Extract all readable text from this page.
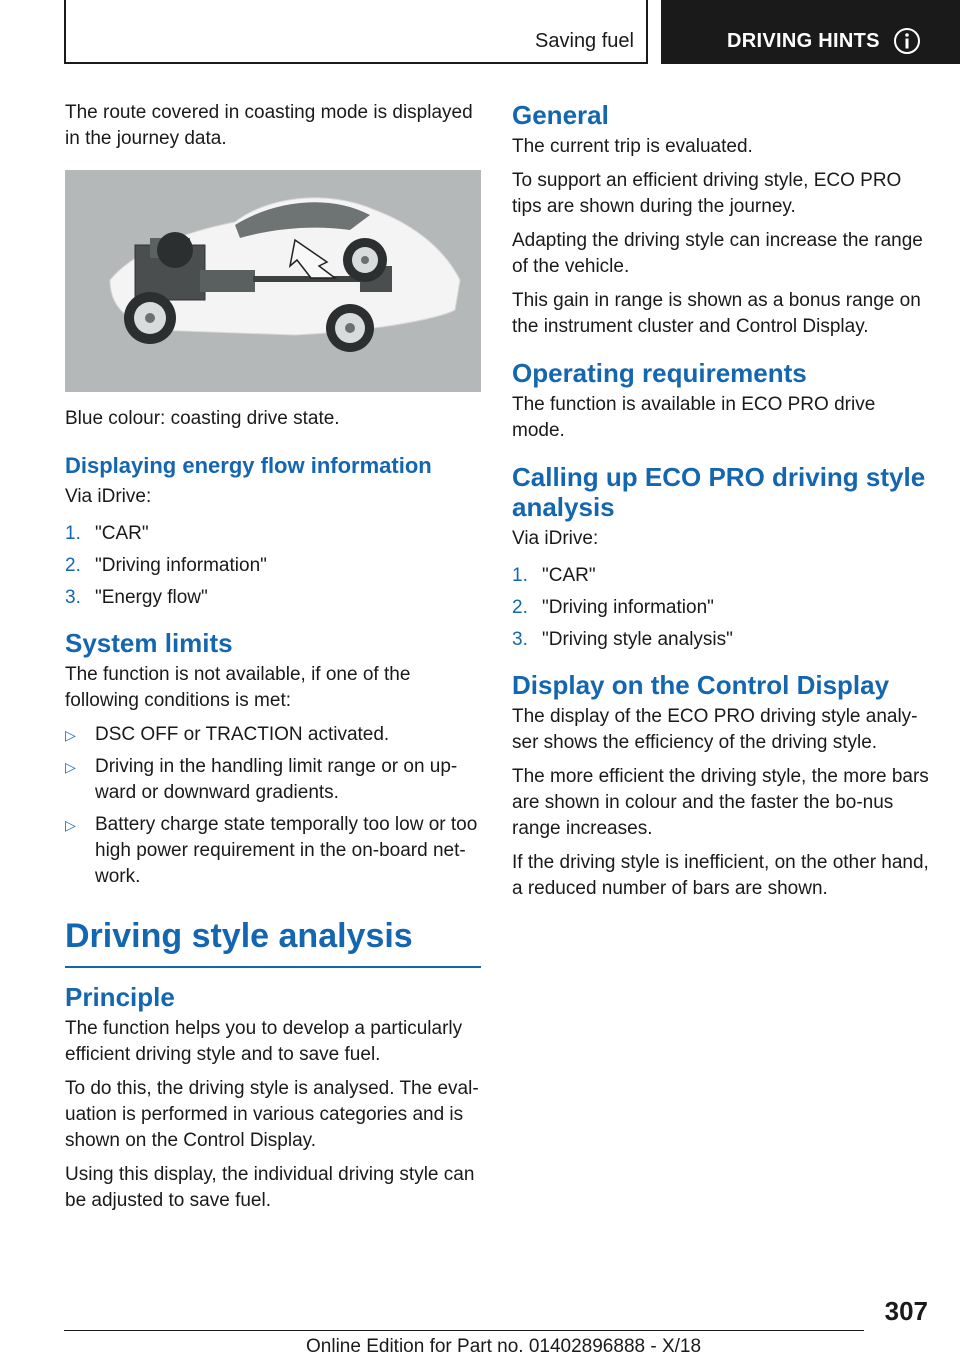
Saving fuel	DRIVING HINTS

The route covered in coasting mode is displayed in the journey data.

Blue colour: coasting drive state.

Displaying energy flow information

Via iDrive:

1. "CAR"
2. "Driving information"
3. "Energy flow"
System limits

The function is not available, if one of the following conditions is met:

▷ DSC OFF or TRACTION activated.
▷ Driving in the handling limit range or on up‐ward or downward gradients.
▷ Battery charge state temporally too low or too high power requirement in the on-board net‐work.
Driving style analysis
Principle

The function helps you to develop a particularly efficient driving style and to save fuel.

To do this, the driving style is analysed. The eval‐uation is performed in various categories and is shown on the Control Display.

Using this display, the individual driving style can be adjusted to save fuel.

General

The current trip is evaluated.

To support an efficient driving style, ECO PRO tips are shown during the journey.

Adapting the driving style can increase the range of the vehicle.

This gain in range is shown as a bonus range on the instrument cluster and Control Display.

Operating requirements

The function is available in ECO PRO drive mode.

Calling up ECO PRO driving style analysis

Via iDrive:

1. "CAR"
2. "Driving information"
3. "Driving style analysis"
Display on the Control Display

The display of the ECO PRO driving style analy‐ser shows the efficiency of the driving style.

The more efficient the driving style, the more bars are shown in colour and the faster the bo‐nus range increases.

If the driving style is inefficient, on the other hand, a reduced number of bars are shown.

307
Online Edition for Part no. 01402896888 - X/18
